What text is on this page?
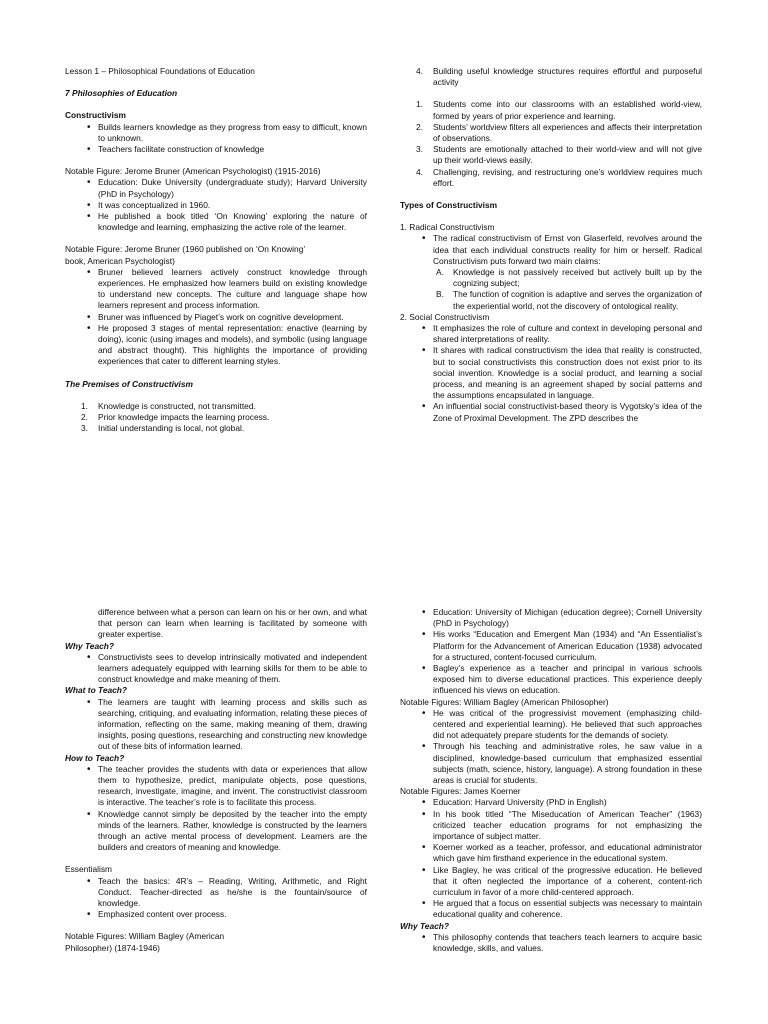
Lesson 1 – Philosophical Foundations of Education

7 Philosophies of Education

Constructivism

• Builds learners knowledge as they progress from easy to difficult, known to unknown.
• Teachers facilitate construction of knowledge

Notable Figure: Jerome Bruner (American Psychologist) (1915-2016)

• Education: Duke University (undergraduate study); Harvard University (PhD in Psychology)
• It was conceptualized in 1960.
• He published a book titled ‘On Knowing’ exploring the nature of knowledge and learning, emphasizing the active role of the learner.

Notable Figure: Jerome Bruner (1960 published on ‘On Knowing’

book, American Psychologist)

• Bruner believed learners actively construct knowledge through experiences. He emphasized how learners build on existing knowledge to understand new concepts. The culture and language shape how learners represent and process information.
• Bruner was influenced by Piaget’s work on cognitive development.
• He proposed 3 stages of mental representation: enactive (learning by doing), iconic (using images and models), and symbolic (using language and abstract thought). This highlights the importance of providing experiences that cater to different learning styles.

The Premises of Constructivism

1. Knowledge is constructed, not transmitted.
2. Prior knowledge impacts the learning process.
3. Initial understanding is local, not global.
4. Building useful knowledge structures requires effortful and purposeful activity
1. Students come into our classrooms with an established world-view, formed by years of prior experience and learning.
2. Students’ worldview filters all experiences and affects their interpretation of observations.
3. Students are emotionally attached to their world-view and will not give up their world-views easily.
4. Challenging, revising, and restructuring one’s worldview requires much effort.

Types of Constructivism

1. Radical Constructivism

• The radical constructivism of Ernst von Glaserfeld, revolves around the idea that each individual constructs reality for him or herself. Radical Constructivism puts forward two main claims:
A. Knowledge is not passively received but actively built up by the cognizing subject;
B. The function of cognition is adaptive and serves the organization of the experiential world, not the discovery of ontological reality.

2. Social Constructivism

• It emphasizes the role of culture and context in developing personal and shared interpretations of reality.
• It shares with radical constructivism the idea that reality is constructed, but to social constructivists this construction does not exist prior to its social invention. Knowledge is a social product, and learning a social process, and meaning is an agreement shaped by social patterns and the assumptions encapsulated in language.
• An influential social constructivist-based theory is Vygotsky’s idea of the Zone of Proximal Development. The ZPD describes the

difference between what a person can learn on his or her own, and what that person can learn when learning is facilitated by someone with greater expertise.

Why Teach?

• Constructivists sees to develop intrinsically motivated and independent learners adequately equipped with learning skills for them to be able to construct knowledge and make meaning of them.

What to Teach?

• The learners are taught with learning process and skills such as searching, critiquing, and evaluating information, relating these pieces of information, reflecting on the same, making meaning of them, drawing insights, posing questions, researching and constructing new knowledge out of these bits of information learned.

How to Teach?

• The teacher provides the students with data or experiences that allow them to hypothesize, predict, manipulate objects, pose questions, research, investigate, imagine, and invent. The constructivist classroom is interactive. The teacher’s role is to facilitate this process.
• Knowledge cannot simply be deposited by the teacher into the empty minds of the learners. Rather, knowledge is constructed by the learners through an active mental process of development. Learners are the builders and creators of meaning and knowledge.

Essentialism

• Teach the basics: 4R’s – Reading, Writing, Arithmetic, and Right Conduct. Teacher-directed as he/she is the fountain/source of knowledge.
• Emphasized content over process.

Notable Figures: William Bagley (American

Philosopher) (1874-1946)

• Education: University of Michigan (education degree); Cornell University (PhD in Psychology)
• His works “Education and Emergent Man (1934) and “An Essentialist’s Platform for the Advancement of American Education (1938) advocated for a structured, content-focused curriculum.
• Bagley’s experience as a teacher and principal in various schools exposed him to diverse educational practices. This experience deeply influenced his views on education.

Notable Figures: William Bagley (American Philosopher)

• He was critical of the progressivist movement (emphasizing child-centered and experiential learning). He believed that such approaches did not adequately prepare students for the demands of society.
• Through his teaching and administrative roles, he saw value in a disciplined, knowledge-based curriculum that emphasized essential subjects (math, science, history, language). A strong foundation in these areas is crucial for students.

Notable Figures: James Koerner

• Education: Harvard University (PhD in English)
• In his book titled “The Miseducation of American Teacher” (1963) criticized teacher education programs for not emphasizing the importance of subject matter.
• Koerner worked as a teacher, professor, and educational administrator which gave him firsthand experience in the educational system.
• Like Bagley, he was critical of the progressive education. He believed that it often neglected the importance of a coherent, content-rich curriculum in favor of a more child-centered approach.
• He argued that a focus on essential subjects was necessary to maintain educational quality and coherence.

Why Teach?

• This philosophy contends that teachers teach learners to acquire basic knowledge, skills, and values.
